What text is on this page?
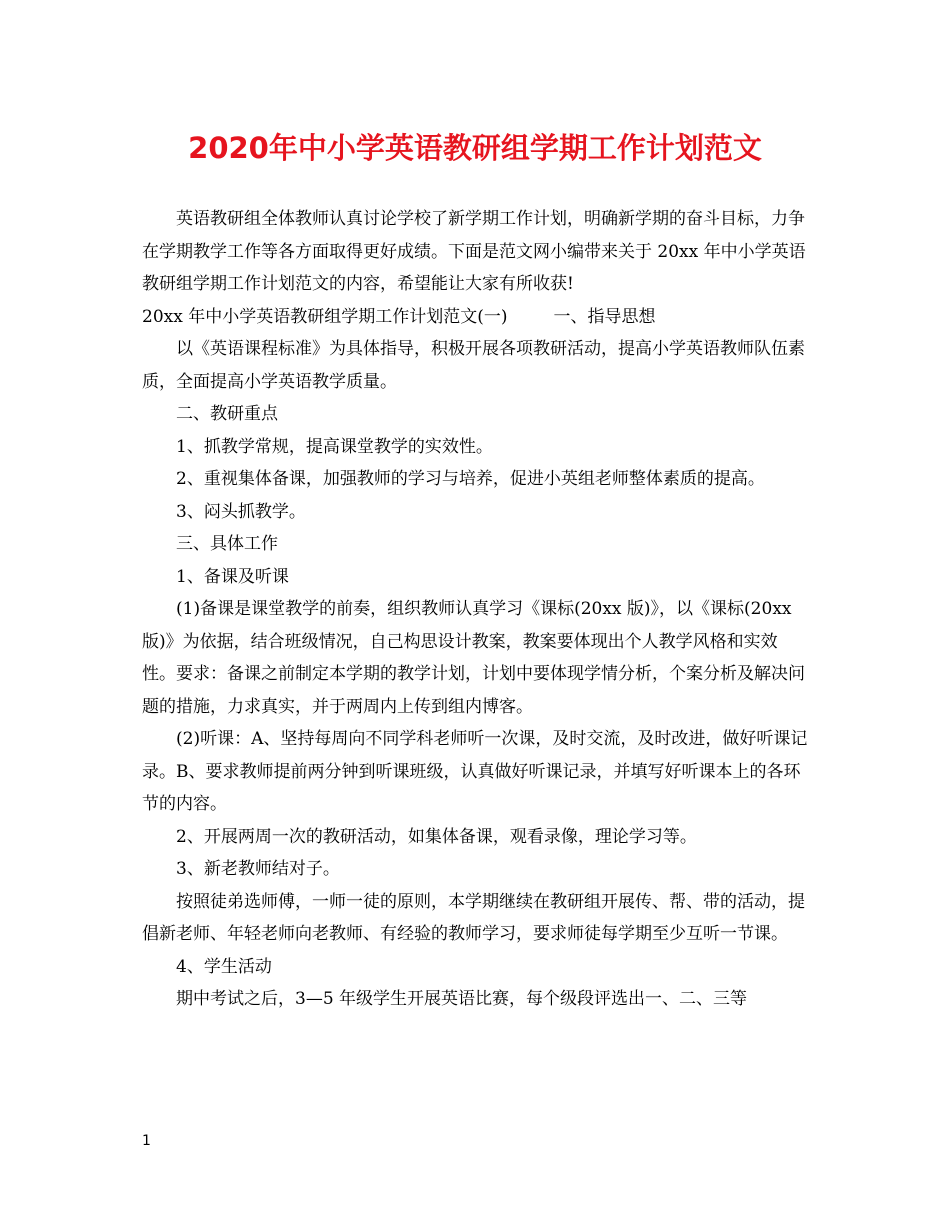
2020年中小学英语教研组学期工作计划范文

英语教研组全体教师认真讨论学校了新学期工作计划，明确新学期的奋斗目标，力争在学期教学工作等各方面取得更好成绩。下面是范文网小编带来关于 20xx 年中小学英语教研组学期工作计划范文的内容，希望能让大家有所收获!

20xx 年中小学英语教研组学期工作计划范文(一)	一、指导思想

以《英语课程标准》为具体指导，积极开展各项教研活动，提高小学英语教师队伍素质，全面提高小学英语教学质量。

二、教研重点

1、抓教学常规，提高课堂教学的实效性。

2、重视集体备课，加强教师的学习与培养，促进小英组老师整体素质的提高。

3、闷头抓教学。

三、具体工作

1、备课及听课

(1)备课是课堂教学的前奏，组织教师认真学习《课标(20xx 版)》，以《课标(20xx 版)》为依据，结合班级情况，自己构思设计教案，教案要体现出个人教学风格和实效性。要求：备课之前制定本学期的教学计划，计划中要体现学情分析，个案分析及解决问题的措施，力求真实，并于两周内上传到组内博客。

(2)听课：A、坚持每周向不同学科老师听一次课，及时交流，及时改进，做好听课记录。B、要求教师提前两分钟到听课班级，认真做好听课记录，并填写好听课本上的各环节的内容。

2、开展两周一次的教研活动，如集体备课，观看录像，理论学习等。

3、新老教师结对子。

按照徒弟选师傅，一师一徒的原则，本学期继续在教研组开展传、帮、带的活动，提倡新老师、年轻老师向老教师、有经验的教师学习，要求师徒每学期至少互听一节课。

4、学生活动

期中考试之后，3—5 年级学生开展英语比赛，每个级段评选出一、二、三等

1
